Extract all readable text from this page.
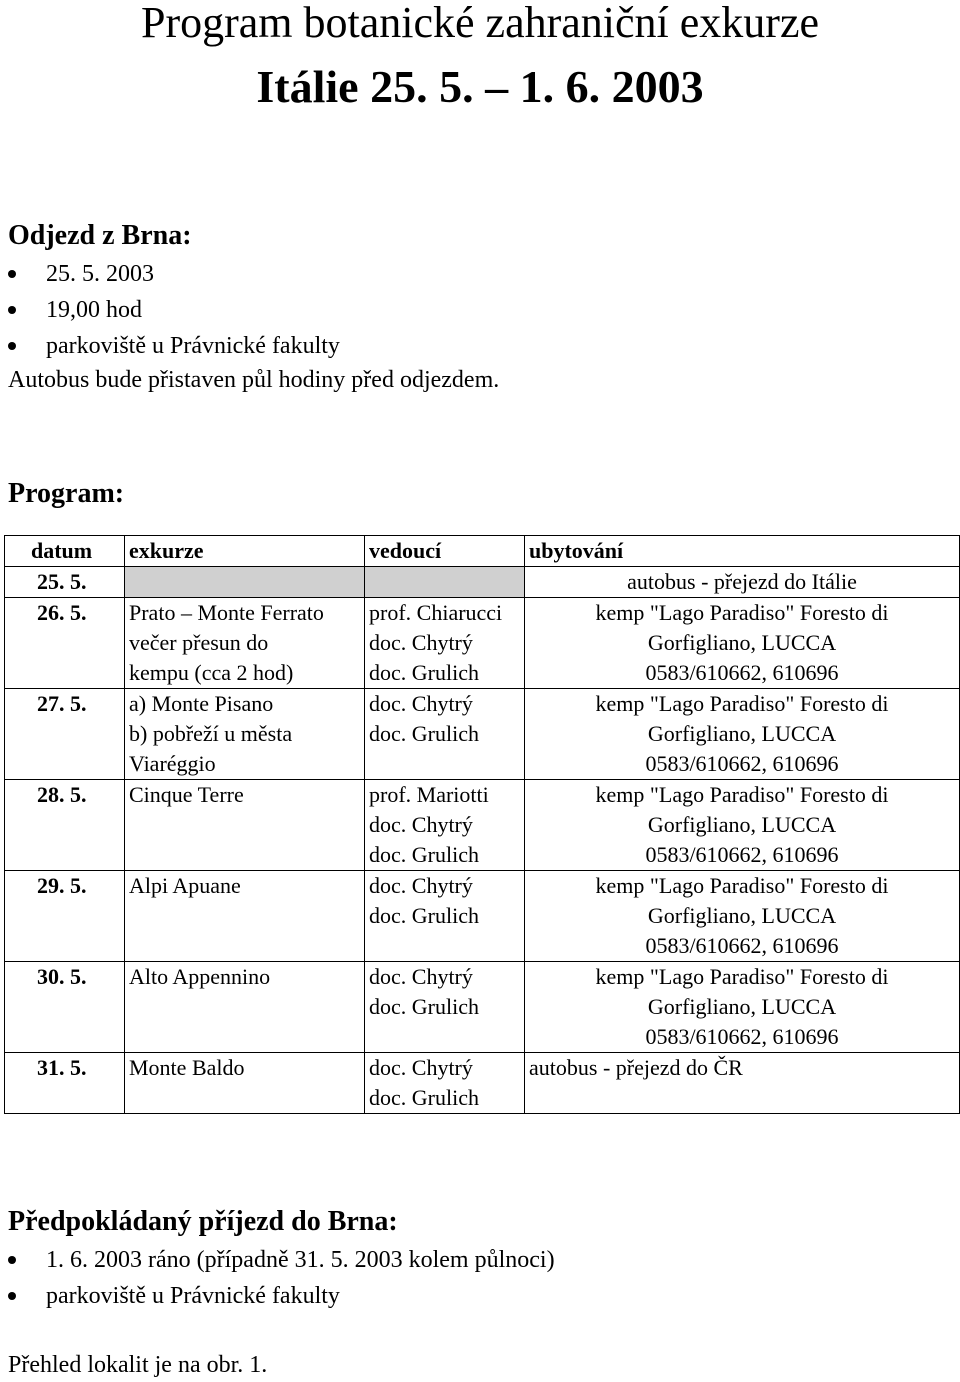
Program botanické zahraniční exkurze
Itálie 25. 5. – 1. 6. 2003
Odjezd z Brna:
25. 5. 2003
19,00 hod
parkoviště u Právnické fakulty
Autobus bude přistaven půl hodiny před odjezdem.
Program:
datum	exkurze	vedoucí	ubytování
25. 5.			autobus - přejezd do Itálie

26. 5.	Prato – Monte Ferrato
večer přesun do
kempu (cca 2 hod)	prof. Chiarucci
doc. Chytrý
doc. Grulich	kemp "Lago Paradiso" Foresto di
Gorfigliano, LUCCA
0583/610662, 610696

27. 5.	a) Monte Pisano
b) pobřeží u města
Viaréggio	doc. Chytrý
doc. Grulich	kemp "Lago Paradiso" Foresto di
Gorfigliano, LUCCA
0583/610662, 610696

28. 5.	Cinque Terre	prof. Mariotti
doc. Chytrý
doc. Grulich	kemp "Lago Paradiso" Foresto di
Gorfigliano, LUCCA
0583/610662, 610696

29. 5.	Alpi Apuane	doc. Chytrý
doc. Grulich	kemp "Lago Paradiso" Foresto di
Gorfigliano, LUCCA
0583/610662, 610696

30. 5.	Alto Appennino	doc. Chytrý
doc. Grulich	kemp "Lago Paradiso" Foresto di
Gorfigliano, LUCCA
0583/610662, 610696

31. 5.	Monte Baldo	doc. Chytrý
doc. Grulich	autobus - přejezd do ČR
Předpokládaný příjezd do Brna:
1. 6. 2003 ráno (případně 31. 5. 2003 kolem půlnoci)
parkoviště u Právnické fakulty
Přehled lokalit je na obr. 1.
